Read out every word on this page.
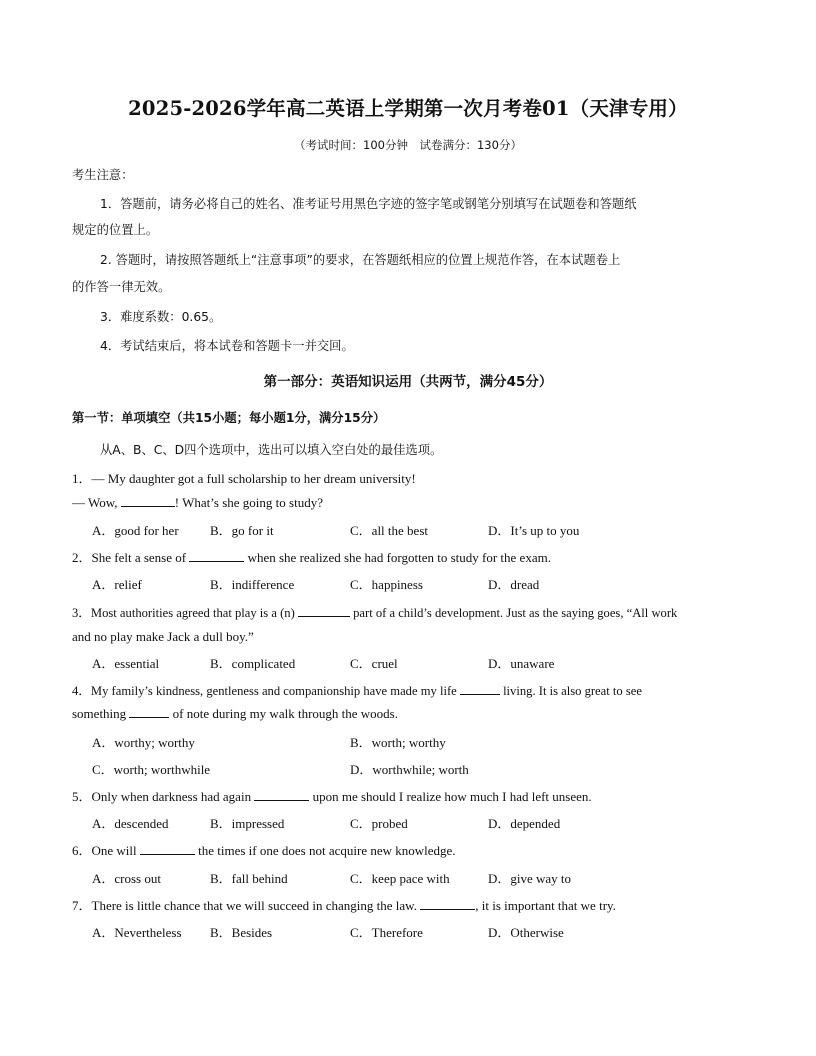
2025-2026学年高二英语上学期第一次月考卷01（天津专用）
（考试时间：100分钟　试卷满分：130分）
考生注意：
1．答题前，请务必将自己的姓名、准考证号用黑色字迹的签字笔或钢笔分别填写在试题卷和答题纸
规定的位置上。
2. 答题时，请按照答题纸上“注意事项”的要求，在答题纸相应的位置上规范作答，在本试题卷上
的作答一律无效。
3．难度系数：0.65。
4．考试结束后，将本试卷和答题卡一并交回。
第一部分：英语知识运用（共两节，满分45分）
第一节：单项填空（共15小题；每小题1分，满分15分）
从A、B、C、D四个选项中，选出可以填入空白处的最佳选项。
1．— My daughter got a full scholarship to her dream university!
— Wow,	! What’s she going to study?
A．good for her B．go for it	C．all the best	D．It’s up to you
2．She felt a sense of	when she realized she had forgotten to study for the exam.
A．relief	B．indifference	C．happiness	D．dread
3．Most authorities agreed that play is a (n)	part of a child’s development. Just as the saying goes, “All work
and no play make Jack a dull boy.”
A．essential	B．complicated	C．cruel	D．unaware
4．My family’s kindness, gentleness and companionship have made my life	living. It is also great to see
something	of note during my walk through the woods.
A．worthy; worthy	B．worth; worthy
C．worth; worthwhile	D．worthwhile; worth
5．Only when darkness had again	upon me should I realize how much I had left unseen.
A．descended	B．impressed	C．probed	D．depended
6．One will	the times if one does not acquire new knowledge.
A．cross out	B．fall behind	C．keep pace with	D．give way to
7．There is little chance that we will succeed in changing the law.	, it is important that we try.
A．Nevertheless B．Besides	C．Therefore	D．Otherwise
